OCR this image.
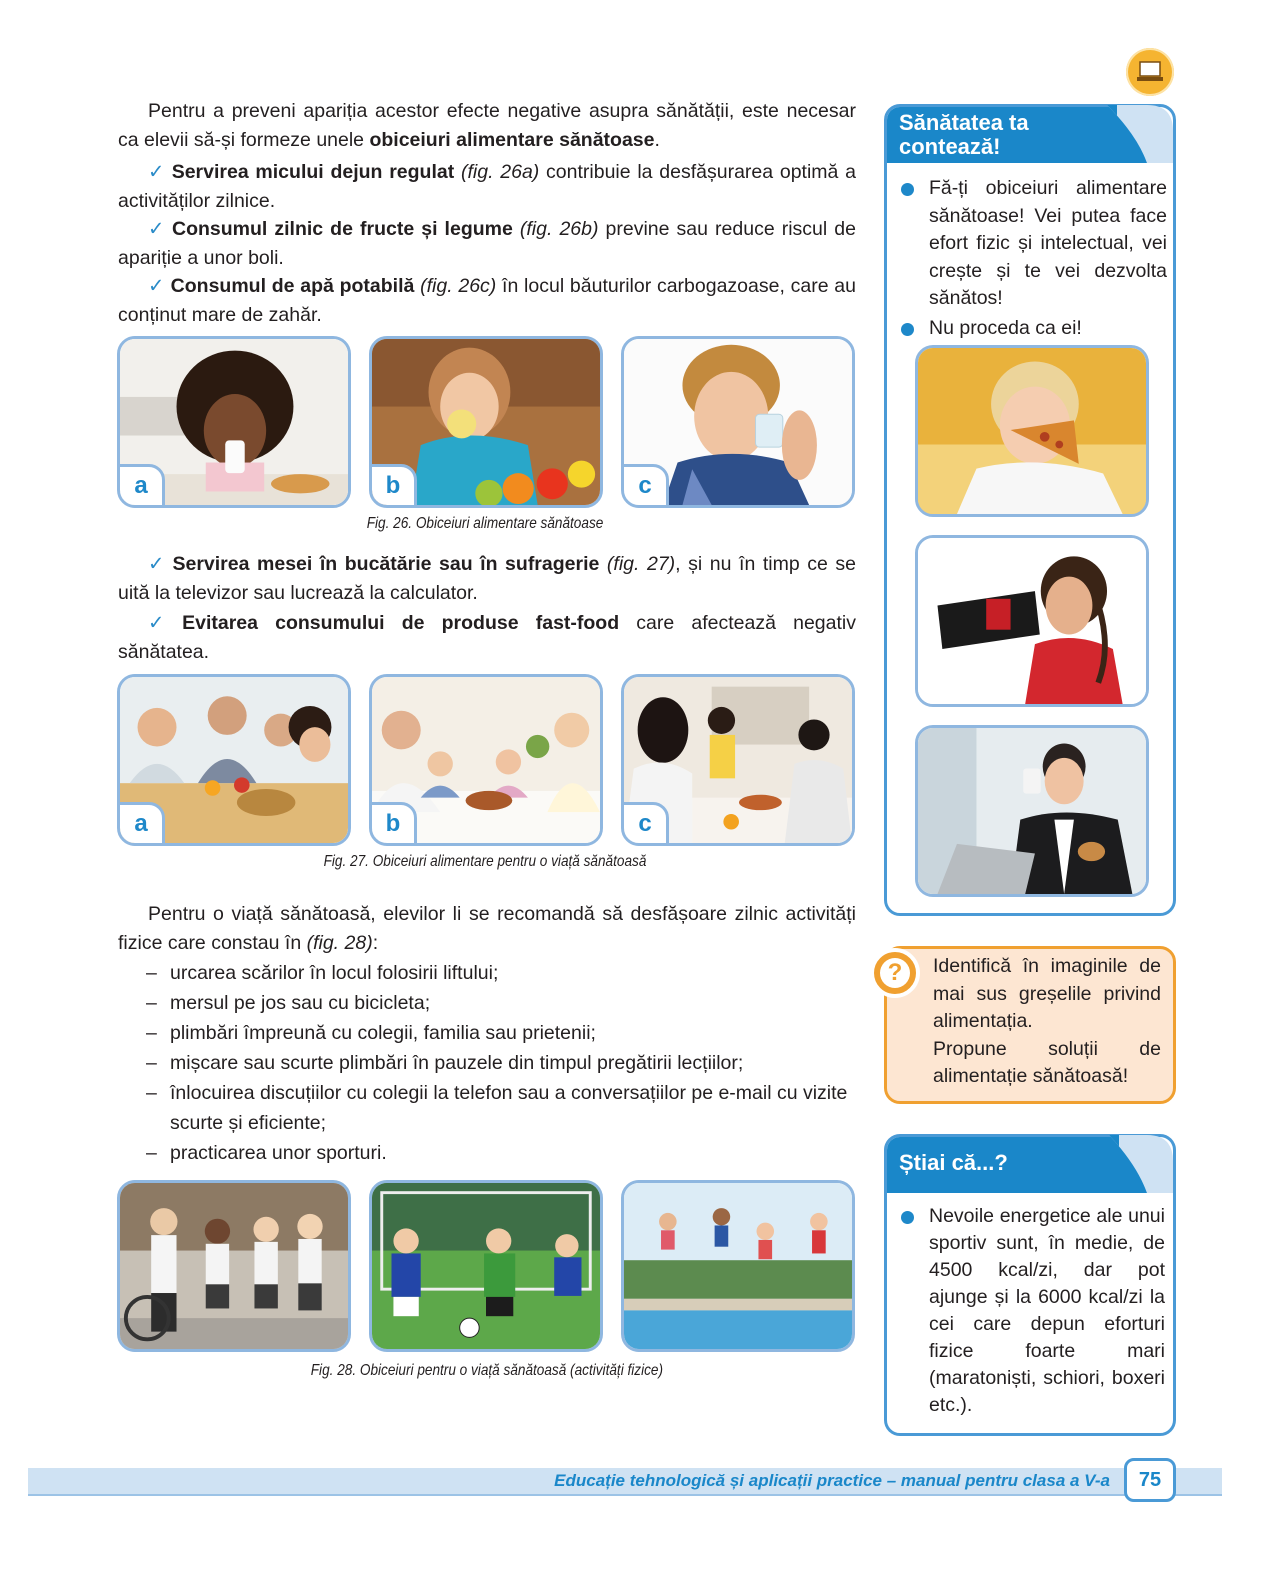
Pentru a preveni apariția acestor efecte negative asupra sănătății, este necesar ca elevii să-și formeze unele obiceiuri alimentare sănătoase.
✓ Servirea micului dejun regulat (fig. 26a) contribuie la desfășurarea optimă a activităților zilnice.
✓ Consumul zilnic de fructe și legume (fig. 26b) previne sau reduce riscul de apariție a unor boli.
✓ Consumul de apă potabilă (fig. 26c) în locul băuturilor carbogazoase, care au conținut mare de zahăr.
a	b	c
Fig. 26. Obiceiuri alimentare sănătoase
✓ Servirea mesei în bucătărie sau în sufragerie (fig. 27), și nu în timp ce se uită la televizor sau lucrează la calculator.
✓ Evitarea consumului de produse fast-food care afectează negativ sănătatea.
a	b	c
Fig. 27. Obiceiuri alimentare pentru o viață sănătoasă
Pentru o viață sănătoasă, elevilor li se recomandă să desfășoare zilnic activități fizice care constau în (fig. 28):
– urcarea scărilor în locul folosirii liftului;
– mersul pe jos sau cu bicicleta;
– plimbări împreună cu colegii, familia sau prietenii;
– mișcare sau scurte plimbări în pauzele din timpul pregătirii lecțiilor;
– înlocuirea discuțiilor cu colegii la telefon sau a conversațiilor pe e-mail cu vizite scurte și eficiente;
– practicarea unor sporturi.
Fig. 28. Obiceiuri pentru o viață sănătoasă (activități fizice)
Sănătatea ta
contează!
Fă-ți obiceiuri alimentare sănătoase! Vei putea face efort fizic și intelectual, vei crește și te vei dezvolta sănătos!
Nu proceda ca ei!
?	Identifică în imaginile de mai sus greșelile privind alimentația.
Propune soluții de alimentație sănătoasă!
Știai că...?
Nevoile energetice ale unui sportiv sunt, în medie, de 4500 kcal/zi, dar pot ajunge și la 6000 kcal/zi la cei care depun eforturi fizice foarte mari (maratoniști, schiori, boxeri etc.).
Educație tehnologică și aplicații practice – manual pentru clasa a V-a	75
